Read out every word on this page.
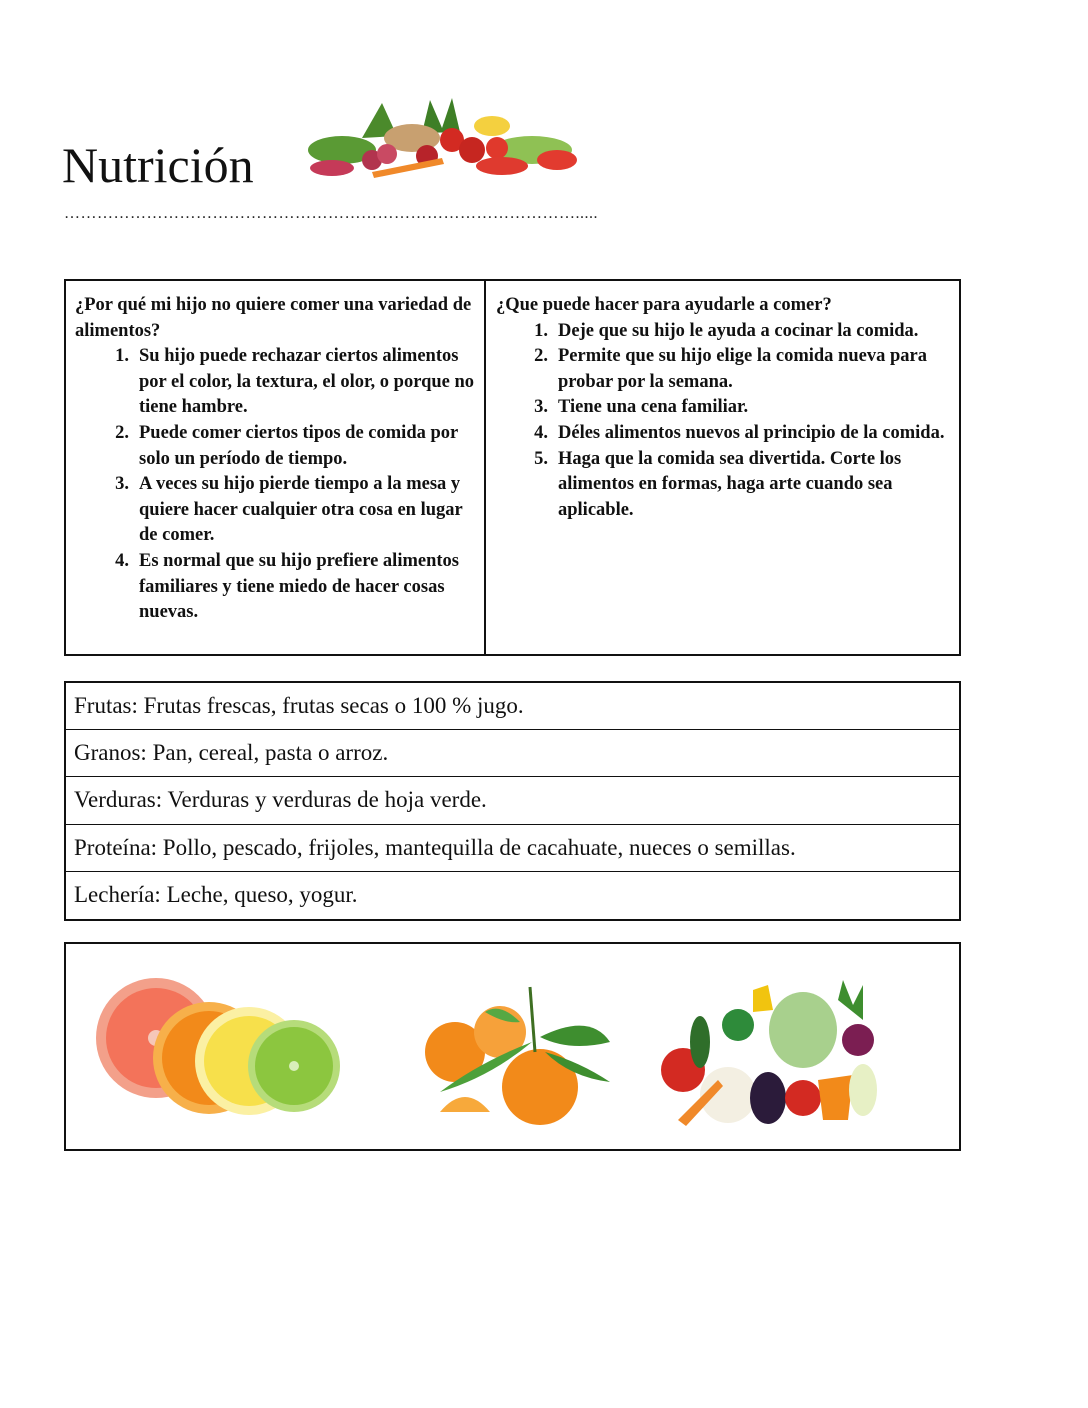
Nutrición
………………………………………………………………………………….....
¿Por qué mi hijo no quiere comer una variedad de alimentos?
1. Su hijo puede rechazar ciertos alimentos por el color, la textura, el olor, o porque no tiene hambre.
2. Puede comer ciertos tipos de comida por solo un período de tiempo.
3. A veces su hijo pierde tiempo a la mesa y quiere hacer cualquier otra cosa en lugar de comer.
4. Es normal que su hijo prefiere alimentos familiares y tiene miedo de hacer cosas nuevas.
¿Que puede hacer para ayudarle a comer?
1. Deje que su hijo le ayuda a cocinar la comida.
2. Permite que su hijo elige la comida nueva para probar por la semana.
3. Tiene una cena familiar.
4. Déles alimentos nuevos al principio de la comida.
5. Haga que la comida sea divertida. Corte los alimentos en formas, haga arte cuando sea aplicable.
Frutas: Frutas frescas, frutas secas o 100 % jugo.
Granos: Pan, cereal, pasta o arroz.
Verduras: Verduras y verduras de hoja verde.
Proteína: Pollo, pescado, frijoles, mantequilla de cacahuate, nueces o semillas.
Lechería: Leche, queso, yogur.
